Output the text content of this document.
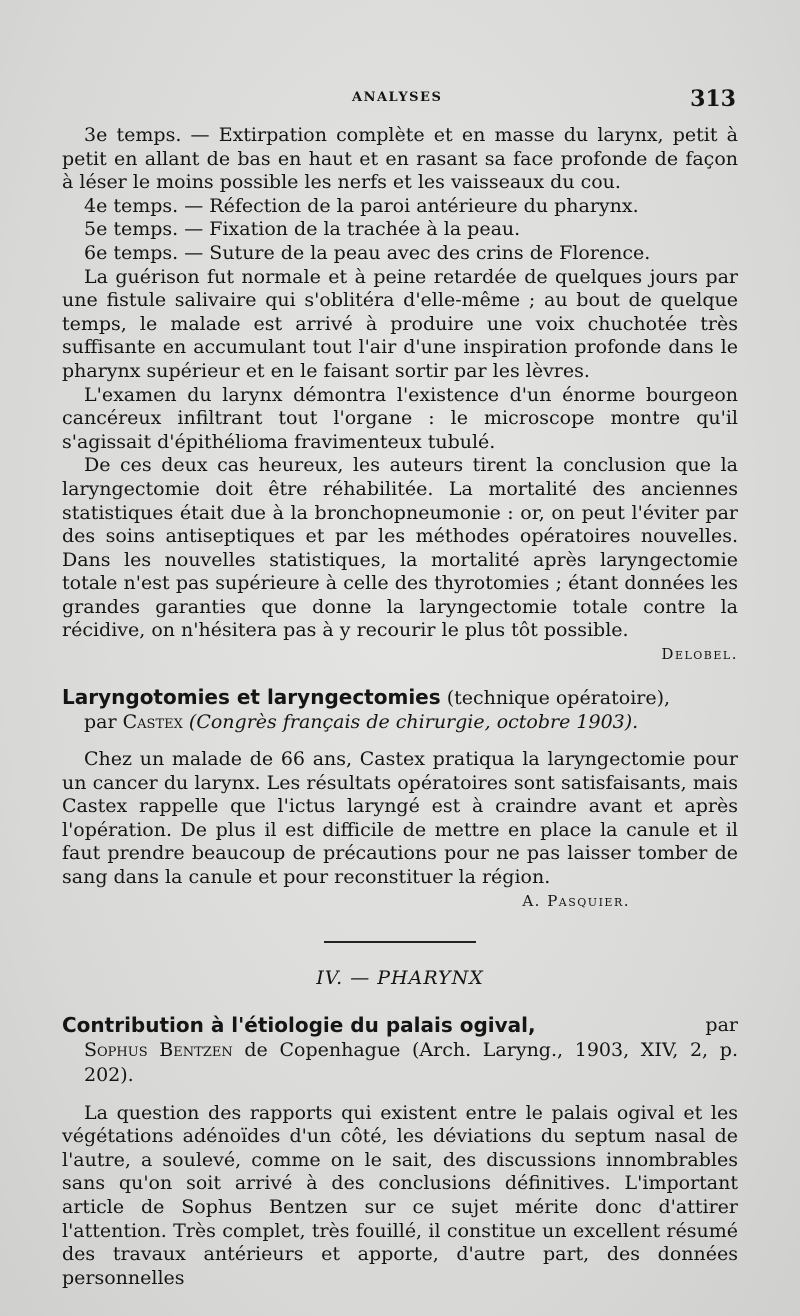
ANALYSES	313

3e temps. — Extirpation complète et en masse du larynx, petit à petit en allant de bas en haut et en rasant sa face profonde de façon à léser le moins possible les nerfs et les vaisseaux du cou.

4e temps. — Réfection de la paroi antérieure du pharynx.

5e temps. — Fixation de la trachée à la peau.

6e temps. — Suture de la peau avec des crins de Florence.

La guérison fut normale et à peine retardée de quelques jours par une fistule salivaire qui s'oblitéra d'elle-même ; au bout de quelque temps, le malade est arrivé à produire une voix chuchotée très suffisante en accumulant tout l'air d'une inspiration profonde dans le pharynx supérieur et en le faisant sortir par les lèvres.

L'examen du larynx démontra l'existence d'un énorme bourgeon cancéreux infiltrant tout l'organe : le microscope montre qu'il s'agissait d'épithélioma fravimenteux tubulé.

De ces deux cas heureux, les auteurs tirent la conclusion que la laryngectomie doit être réhabilitée. La mortalité des anciennes statistiques était due à la bronchopneumonie : or, on peut l'éviter par des soins antiseptiques et par les méthodes opératoires nouvelles. Dans les nouvelles statistiques, la mortalité après laryngectomie totale n'est pas supérieure à celle des thyrotomies ; étant données les grandes garanties que donne la laryngectomie totale contre la récidive, on n'hésitera pas à y recourir le plus tôt possible.

Delobel.
Laryngotomies et laryngectomies (technique opératoire),
par Castex (Congrès français de chirurgie, octobre 1903).

Chez un malade de 66 ans, Castex pratiqua la laryngectomie pour un cancer du larynx. Les résultats opératoires sont satisfaisants, mais Castex rappelle que l'ictus laryngé est à craindre avant et après l'opération. De plus il est difficile de mettre en place la canule et il faut prendre beaucoup de précautions pour ne pas laisser tomber de sang dans la canule et pour reconstituer la région.

A. Pasquier.
IV. — PHARYNX
Contribution à l'étiologie du palais ogival,	par
Sophus Bentzen de Copenhague (Arch. Laryng., 1903, XIV, 2, p. 202).

La question des rapports qui existent entre le palais ogival et les végétations adénoïdes d'un côté, les déviations du septum nasal de l'autre, a soulevé, comme on le sait, des discussions innombrables sans qu'on soit arrivé à des conclusions définitives. L'important article de Sophus Bentzen sur ce sujet mérite donc d'attirer l'attention. Très complet, très fouillé, il constitue un excellent résumé des travaux antérieurs et apporte, d'autre part, des données personnelles
